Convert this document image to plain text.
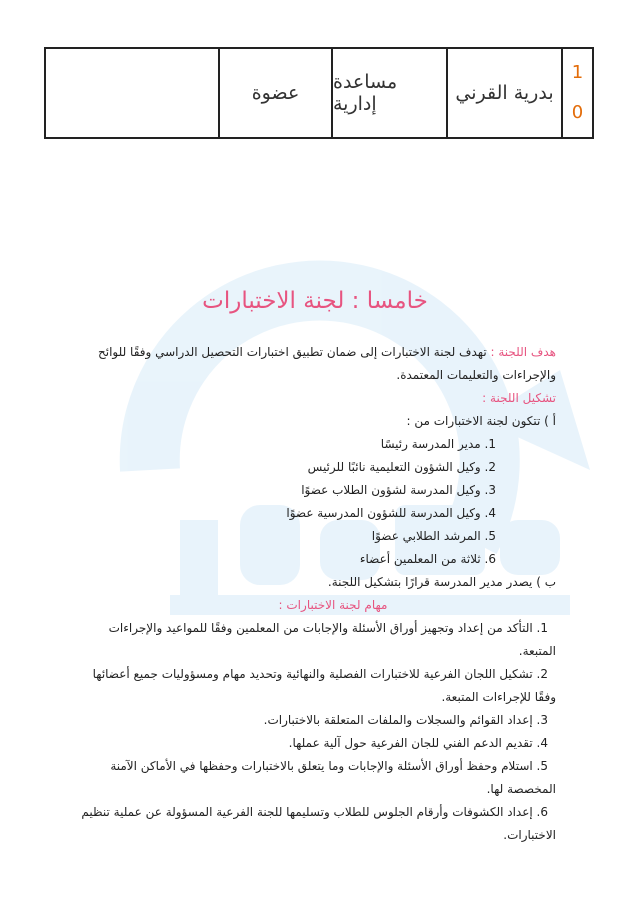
1
0
بدرية القرني
مساعدة إدارية
عضوة
خامسا : لجنة الاختبارات
هدف اللجنة : تهدف لجنة الاختبارات إلى ضمان تطبيق اختبارات التحصيل الدراسي وفقًا للوائح
والإجراءات والتعليمات المعتمدة.
تشكيل اللجنة :
أ ) تتكون لجنة الاختبارات من :
1. مدير المدرسة رئيسًا
2. وكيل الشؤون التعليمية نائبًا للرئيس
3. وكيل المدرسة لشؤون الطلاب عضوًا
4. وكيل المدرسة للشؤون المدرسية عضوًا
5. المرشد الطلابي عضوًا
6. ثلاثة من المعلمين أعضاء
ب ) يصدر مدير المدرسة قرارًا بتشكيل اللجنة.
مهام لجنة الاختبارات :
1. التأكد من إعداد وتجهيز أوراق الأسئلة والإجابات من المعلمين وفقًا للمواعيد والإجراءات
المتبعة.
2. تشكيل اللجان الفرعية للاختبارات الفصلية والنهائية وتحديد مهام ومسؤوليات جميع أعضائها
وفقًا للإجراءات المتبعة.
3. إعداد القوائم والسجلات والملفات المتعلقة بالاختبارات.
4. تقديم الدعم الفني للجان الفرعية حول آلية عملها.
5. استلام وحفظ أوراق الأسئلة والإجابات وما يتعلق بالاختبارات وحفظها في الأماكن الآمنة
المخصصة لها.
6. إعداد الكشوفات وأرقام الجلوس للطلاب وتسليمها للجنة الفرعية المسؤولة عن عملية تنظيم
الاختبارات.
